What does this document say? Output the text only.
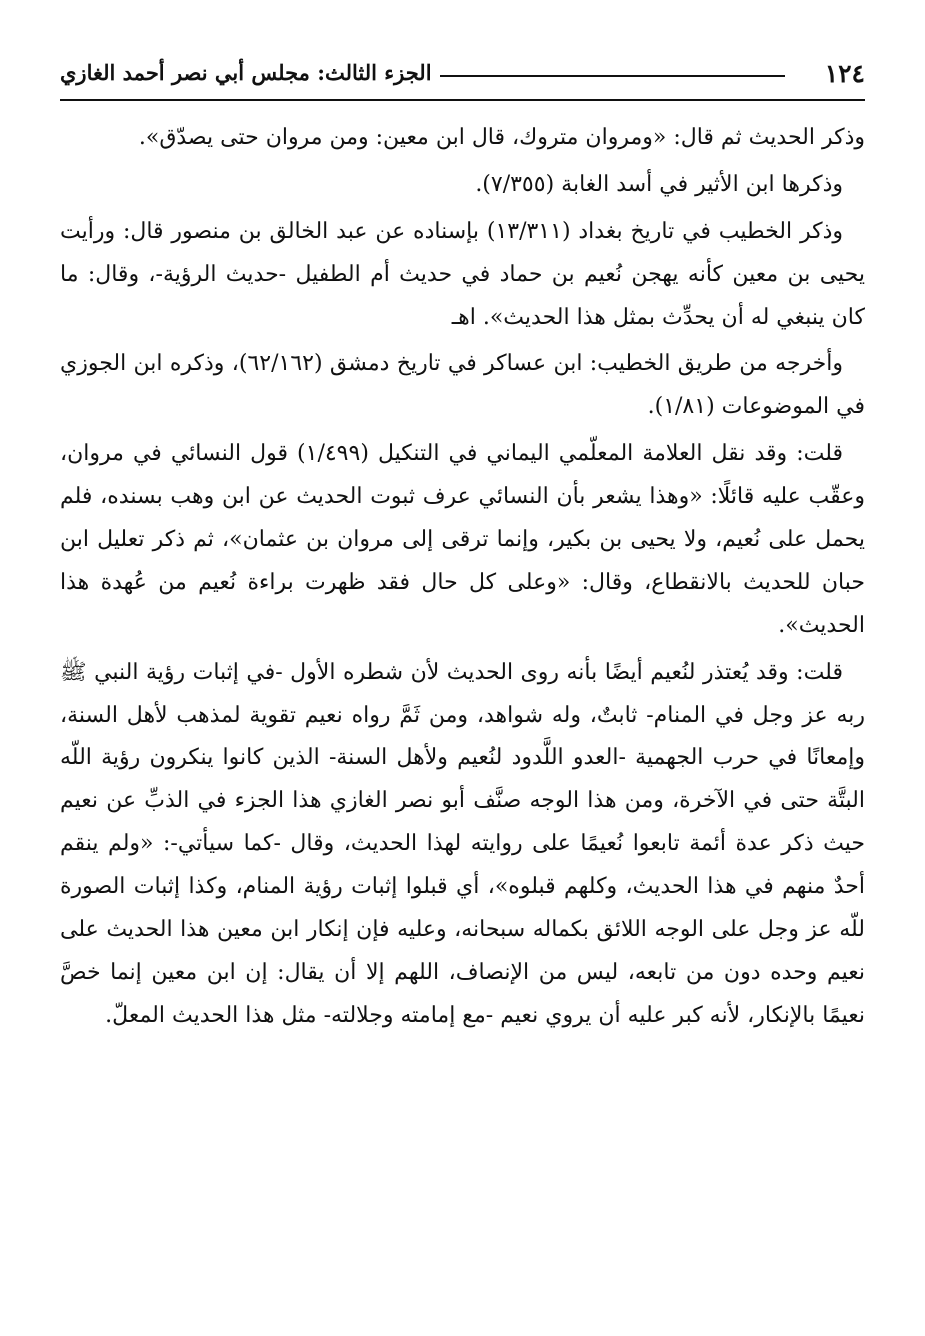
١٢٤
الجزء الثالث: مجلس أبي نصر أحمد الغازي

وذكر الحديث ثم قال: «ومروان متروك، قال ابن معين: ومن مروان حتى يصدّق».

وذكرها ابن الأثير في أسد الغابة (٧/٣٥٥).

وذكر الخطيب في تاريخ بغداد (١٣/٣١١) بإسناده عن عبد الخالق بن منصور قال: ورأيت يحيى بن معين كأنه يهجن نُعيم بن حماد في حديث أم الطفيل -حديث الرؤية-، وقال: ما كان ينبغي له أن يحدِّث بمثل هذا الحديث». اهـ

وأخرجه من طريق الخطيب: ابن عساكر في تاريخ دمشق (٦٢/١٦٢)، وذكره ابن الجوزي في الموضوعات (١/٨١).

قلت: وقد نقل العلامة المعلّمي اليماني في التنكيل (١/٤٩٩) قول النسائي في مروان، وعقّب عليه قائلًا: «وهذا يشعر بأن النسائي عرف ثبوت الحديث عن ابن وهب بسنده، فلم يحمل على نُعيم، ولا يحيى بن بكير، وإنما ترقى إلى مروان بن عثمان»، ثم ذكر تعليل ابن حبان للحديث بالانقطاع، وقال: «وعلى كل حال فقد ظهرت براءة نُعيم من عُهدة هذا الحديث».

قلت: وقد يُعتذر لنُعيم أيضًا بأنه روى الحديث لأن شطره الأول -في إثبات رؤية النبي ﷺ ربه عز وجل في المنام- ثابتٌ، وله شواهد، ومن ثَمَّ رواه نعيم تقوية لمذهب لأهل السنة، وإمعانًا في حرب الجهمية -العدو اللَّدود لنُعيم ولأهل السنة- الذين كانوا ينكرون رؤية اللّه البتَّة حتى في الآخرة، ومن هذا الوجه صنَّف أبو نصر الغازي هذا الجزء في الذبِّ عن نعيم حيث ذكر عدة أئمة تابعوا نُعيمًا على روايته لهذا الحديث، وقال -كما سيأتي-: «ولم ينقم أحدٌ منهم في هذا الحديث، وكلهم قبلوه»، أي قبلوا إثبات رؤية المنام، وكذا إثبات الصورة للّه عز وجل على الوجه اللائق بكماله سبحانه، وعليه فإن إنكار ابن معين هذا الحديث على نعيم وحده دون من تابعه، ليس من الإنصاف، اللهم إلا أن يقال: إن ابن معين إنما خصَّ نعيمًا بالإنكار، لأنه كبر عليه أن يروي نعيم -مع إمامته وجلالته- مثل هذا الحديث المعلّ.
